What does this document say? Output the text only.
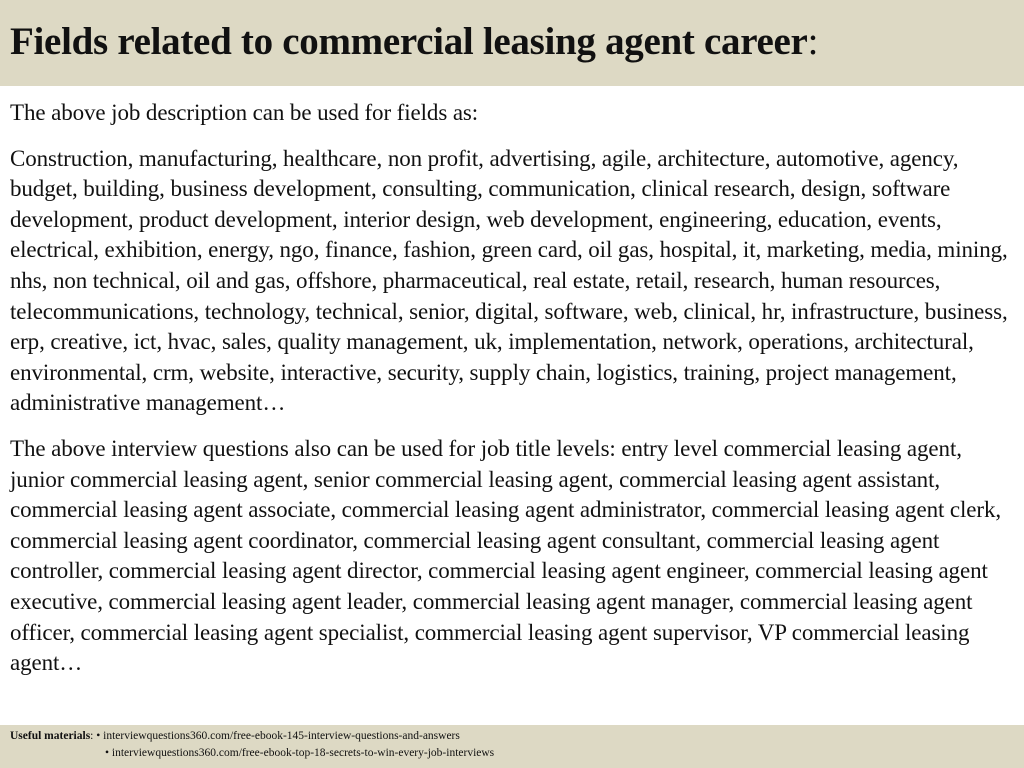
Fields related to commercial leasing agent career:

The above job description can be used for fields as:

Construction, manufacturing, healthcare, non profit, advertising, agile, architecture, automotive, agency, budget, building, business development, consulting, communication, clinical research, design, software development, product development, interior design, web development, engineering, education, events, electrical, exhibition, energy, ngo, finance, fashion, green card, oil gas, hospital, it, marketing, media, mining, nhs, non technical, oil and gas, offshore, pharmaceutical, real estate, retail, research, human resources, telecommunications, technology, technical, senior, digital, software, web, clinical, hr, infrastructure, business, erp, creative, ict, hvac, sales, quality management, uk, implementation, network, operations, architectural, environmental, crm, website, interactive, security, supply chain, logistics, training, project management, administrative management…

The above interview questions also can be used for job title levels: entry level commercial leasing agent, junior commercial leasing agent, senior commercial leasing agent, commercial leasing agent assistant, commercial leasing agent associate, commercial leasing agent administrator, commercial leasing agent clerk, commercial leasing agent coordinator, commercial leasing agent consultant, commercial leasing agent controller, commercial leasing agent director, commercial leasing agent engineer, commercial leasing agent executive, commercial leasing agent leader, commercial leasing agent manager, commercial leasing agent officer, commercial leasing agent specialist, commercial leasing agent supervisor, VP commercial leasing agent…

Useful materials: • interviewquestions360.com/free-ebook-145-interview-questions-and-answers
• interviewquestions360.com/free-ebook-top-18-secrets-to-win-every-job-interviews
